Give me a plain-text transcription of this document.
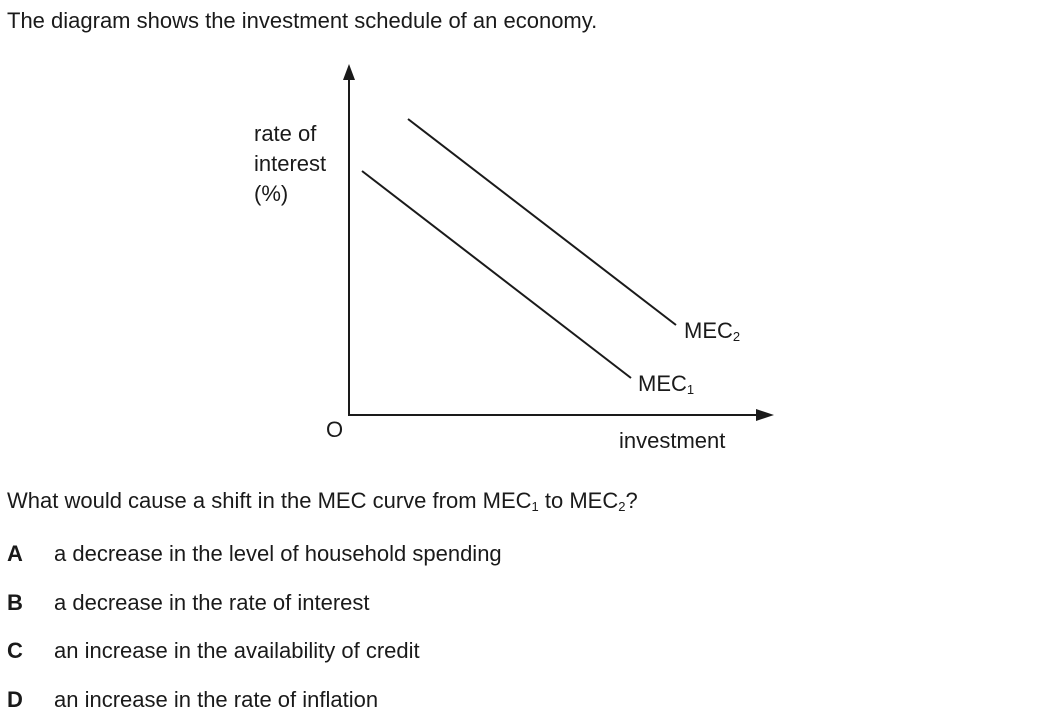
The diagram shows the investment schedule of an economy.
rate of
interest
(%)
O	investment
$MEC_2$
$MEC_1$
What would cause a shift in the MEC curve from $MEC_1$ to $MEC_2$?
A a decrease in the level of household spending
B a decrease in the rate of interest
C an increase in the availability of credit
D an increase in the rate of inflation
